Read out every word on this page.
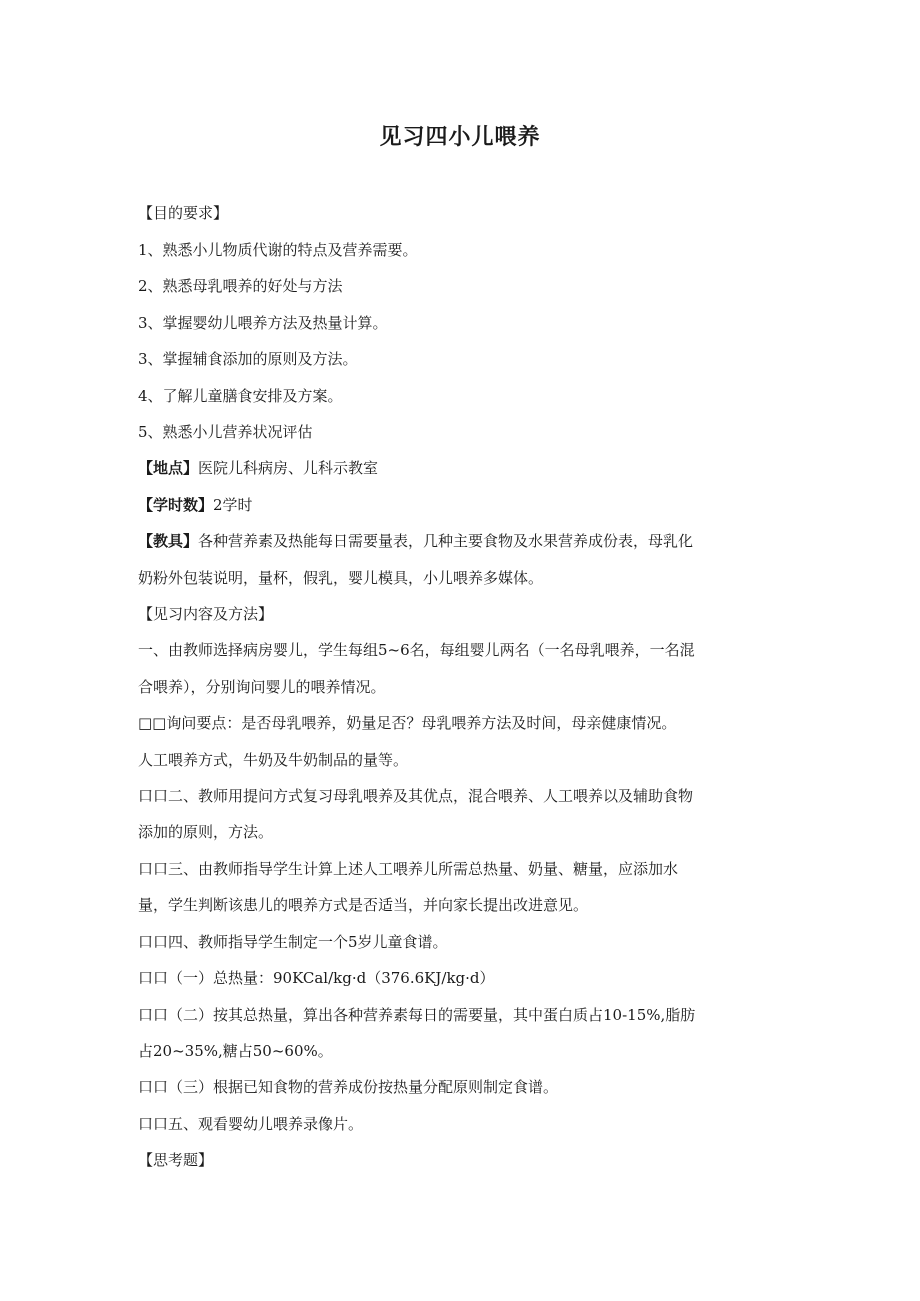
见习四小儿喂养

【目的要求】

1、熟悉小儿物质代谢的特点及营养需要。

2、熟悉母乳喂养的好处与方法

3、掌握婴幼儿喂养方法及热量计算。

3、掌握辅食添加的原则及方法。

4、了解儿童膳食安排及方案。

5、熟悉小儿营养状况评估

【地点】医院儿科病房、儿科示教室

【学时数】2学时

【教具】各种营养素及热能每日需要量表，几种主要食物及水果营养成份表，母乳化

奶粉外包装说明，量杯，假乳，婴儿模具，小儿喂养多媒体。

【见习内容及方法】

一、由教师选择病房婴儿，学生每组5~6名，每组婴儿两名（一名母乳喂养，一名混

合喂养），分别询问婴儿的喂养情况。

□□询问要点：是否母乳喂养，奶量足否？母乳喂养方法及时间，母亲健康情况。

人工喂养方式，牛奶及牛奶制品的量等。

口口二、教师用提问方式复习母乳喂养及其优点，混合喂养、人工喂养以及辅助食物

添加的原则，方法。

口口三、由教师指导学生计算上述人工喂养儿所需总热量、奶量、糖量，应添加水

量，学生判断该患儿的喂养方式是否适当，并向家长提出改进意见。

口口四、教师指导学生制定一个5岁儿童食谱。

口口（一）总热量：90KCal/kg·d（376.6KJ/kg·d）

口口（二）按其总热量，算出各种营养素每日的需要量，其中蛋白质占10-15%,脂肪

占20~35%,糖占50~60%。

口口（三）根据已知食物的营养成份按热量分配原则制定食谱。

口口五、观看婴幼儿喂养录像片。

【思考题】
